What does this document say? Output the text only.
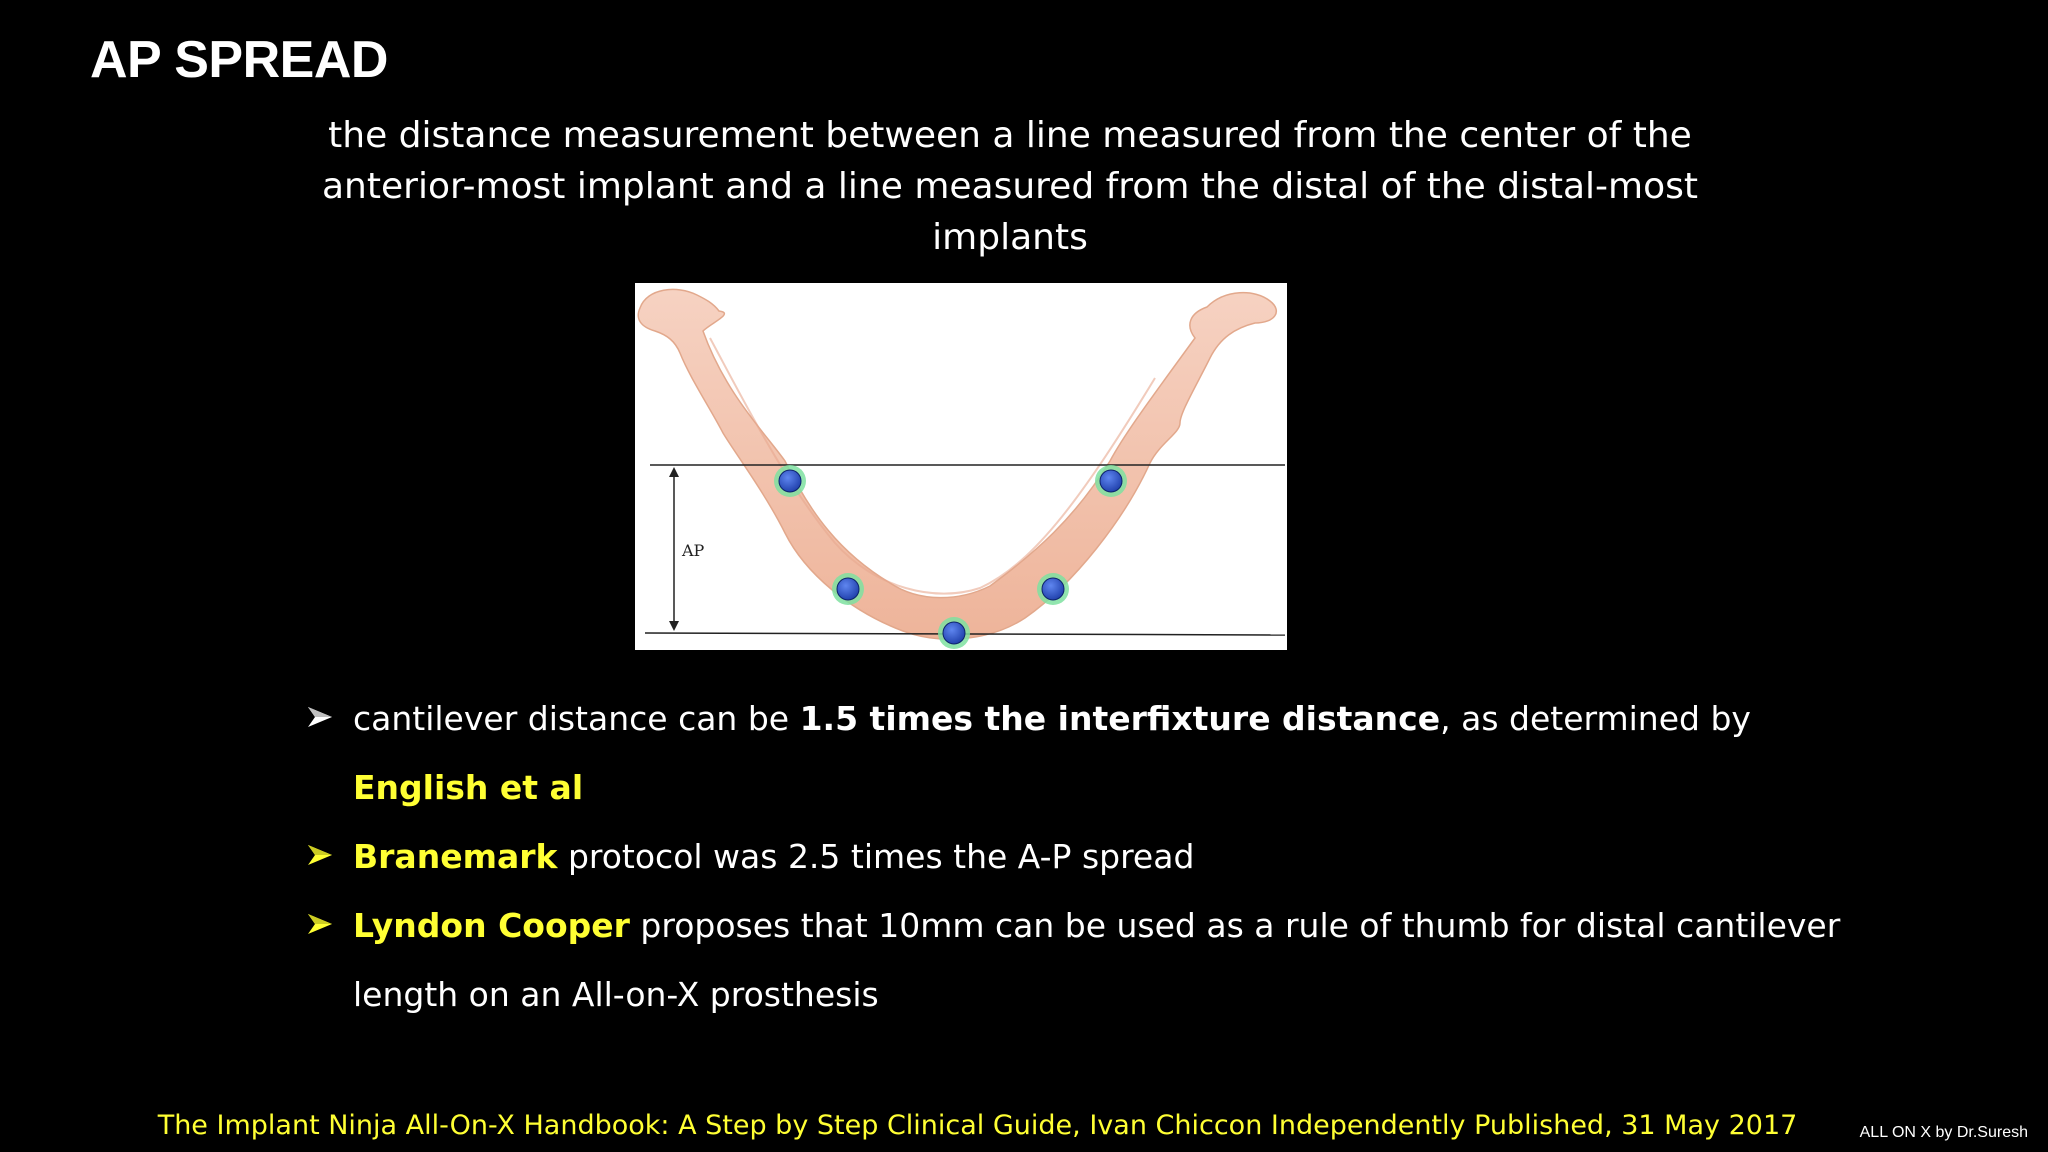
AP SPREAD
the distance measurement between a line measured from the center of the anterior-most implant and a line measured from the distal of the distal-most implants
AP
cantilever distance can be 1.5 times the interfixture distance, as determined by English et al
Branemark protocol was 2.5 times the A-P spread
Lyndon Cooper proposes that 10mm can be used as a rule of thumb for distal cantilever length on an All-on-X prosthesis
The Implant Ninja All-On-X Handbook: A Step by Step Clinical Guide, Ivan Chiccon Independently Published, 31 May 2017	ALL ON X by Dr.Suresh
